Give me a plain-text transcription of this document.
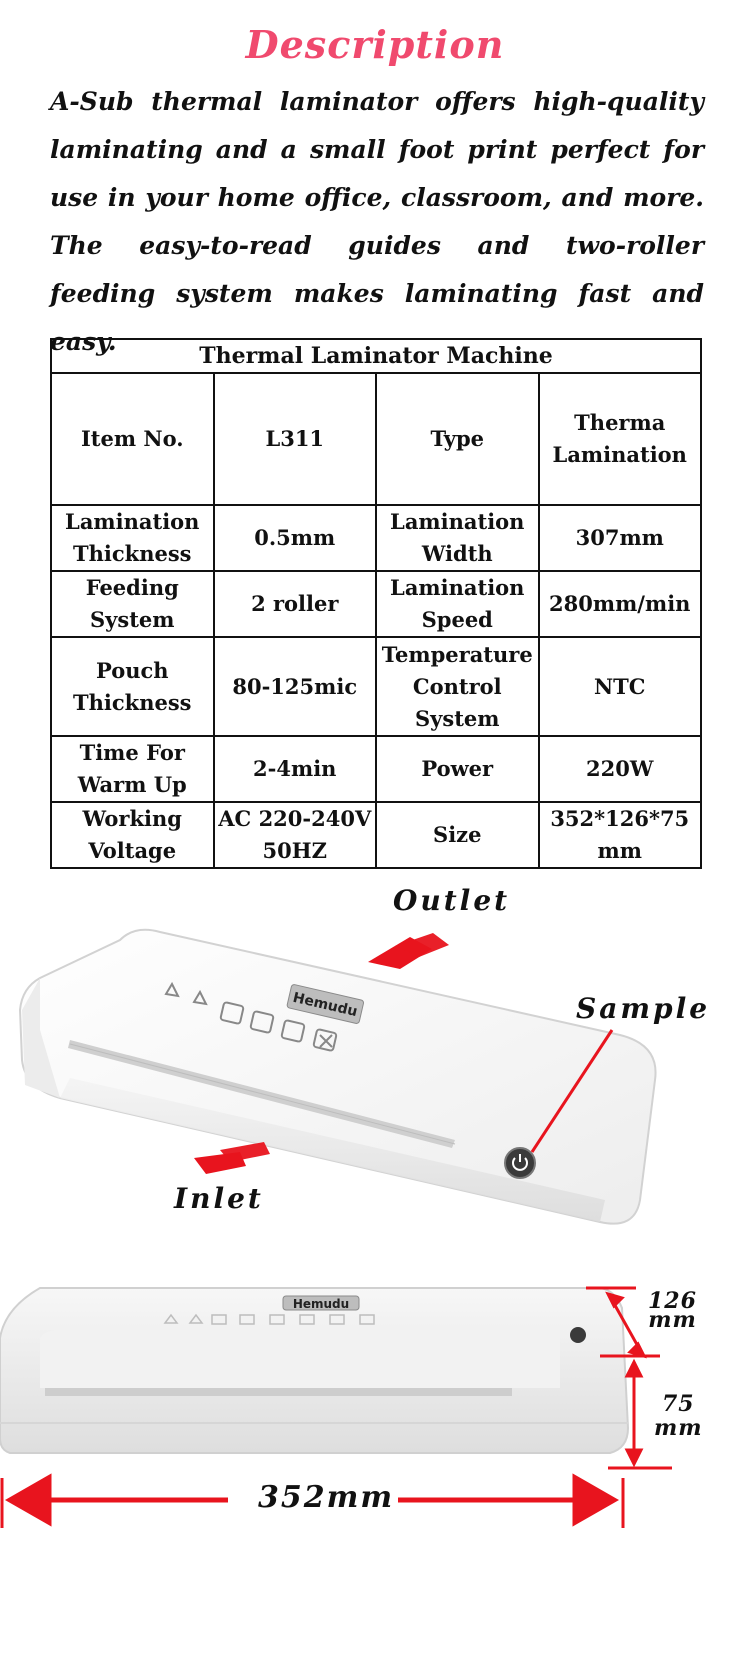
Description
A-Sub thermal laminator offers high-quality laminating and a small foot print perfect for use in your home office, classroom, and more. The easy-to-read guides and two-roller feeding system makes laminating fast and easy.	Thermal Laminator Machine			
Item No.	L311	Type	Therma Lamination
Lamination Thickness	0.5mm	Lamination Width	307mm
Feeding System	2 roller	Lamination Speed	280mm/min
Pouch Thickness	80-125mic	Temperature Control System	NTC
Time For Warm Up	2-4min	Power	220W
Working Voltage	AC 220-240V 50HZ	Size	352*126*75 mm
Hemudu
Outlet
Sample
Inlet
Hemudu	126
mm
75
mm
352mm
